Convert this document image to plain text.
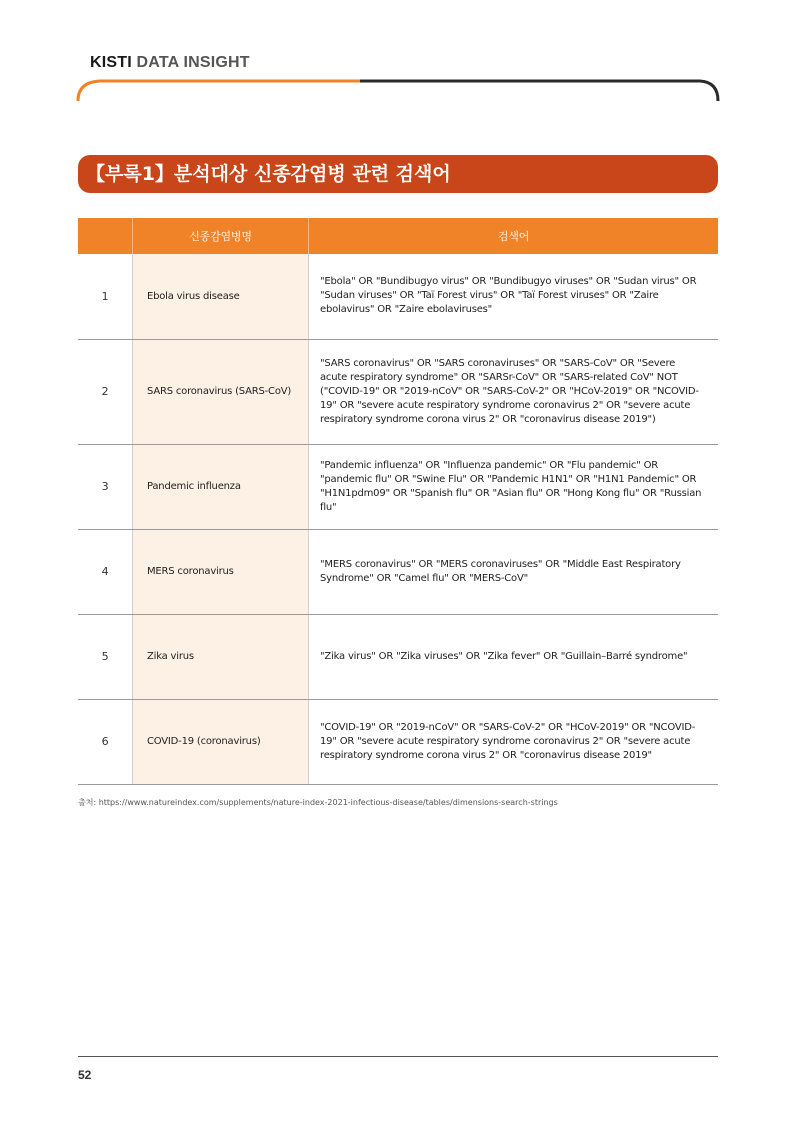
KISTI DATA INSIGHT
【부록1】분석대상 신종감염병 관련 검색어
	신종감염병명	검색어
1	Ebola virus disease	"Ebola" OR "Bundibugyo virus" OR "Bundibugyo viruses" OR "Sudan virus" OR "Sudan viruses" OR "Taï Forest virus" OR "Taï Forest viruses" OR "Zaire ebolavirus" OR "Zaire ebolaviruses"
2	SARS coronavirus (SARS-CoV)	"SARS coronavirus" OR "SARS coronaviruses" OR "SARS-CoV" OR "Severe acute respiratory syndrome" OR "SARSr-CoV" OR "SARS-related CoV" NOT ("COVID-19" OR "2019-nCoV" OR "SARS-CoV-2" OR "HCoV-2019" OR "NCOVID-19" OR "severe acute respiratory syndrome coronavirus 2" OR "severe acute respiratory syndrome corona virus 2" OR "coronavirus disease 2019")
3	Pandemic influenza	"Pandemic influenza" OR "Influenza pandemic" OR "Flu pandemic" OR "pandemic flu" OR "Swine Flu" OR "Pandemic H1N1" OR "H1N1 Pandemic" OR "H1N1pdm09" OR "Spanish flu" OR "Asian flu" OR "Hong Kong flu" OR "Russian flu"
4	MERS coronavirus	"MERS coronavirus" OR "MERS coronaviruses" OR "Middle East Respiratory Syndrome" OR "Camel flu" OR "MERS-CoV"
5	Zika virus	"Zika virus" OR "Zika viruses" OR "Zika fever" OR "Guillain–Barré syndrome"
6	COVID-19 (coronavirus)	"COVID-19" OR "2019-nCoV" OR "SARS-CoV-2" OR "HCoV-2019" OR "NCOVID-19" OR "severe acute respiratory syndrome coronavirus 2" OR "severe acute respiratory syndrome corona virus 2" OR "coronavirus disease 2019"
출처: https://www.natureindex.com/supplements/nature-index-2021-infectious-disease/tables/dimensions-search-strings
52
